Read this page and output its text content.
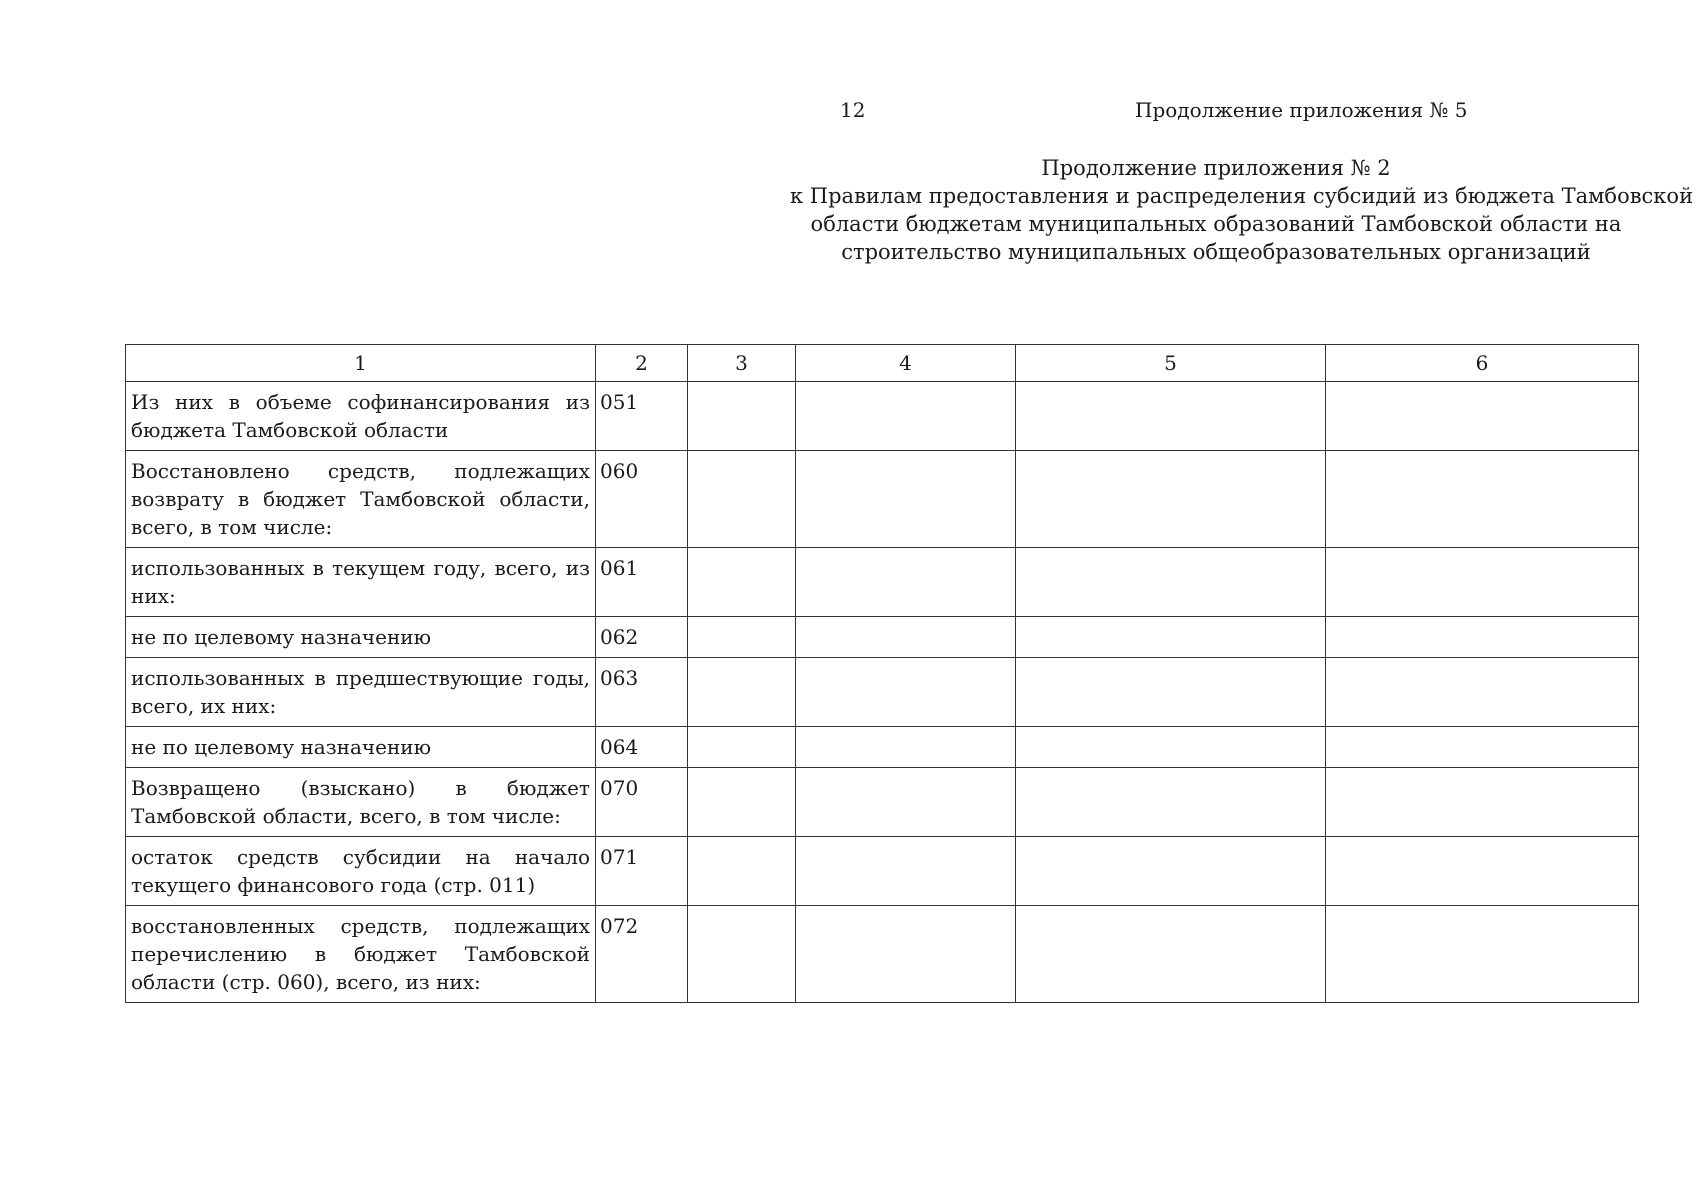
12	Продолжение приложения № 5
Продолжение приложения № 2
к Правилам предоставления и распределения субсидий из бюджета Тамбовской
области бюджетам муниципальных образований Тамбовской области на
строительство муниципальных общеобразовательных организаций
1	2	3	4	5	6
Из них в объеме софинансирования из бюджета Тамбовской области	051				
Восстановлено средств, подлежащих возврату в бюджет Тамбовской области, всего, в том числе:	060				
использованных в текущем году, всего, из них:	061				
не по целевому назначению	062				
использованных в предшествующие годы, всего, их них:	063				
не по целевому назначению	064				
Возвращено (взыскано) в бюджет Тамбовской области, всего, в том числе:	070				
остаток средств субсидии на начало текущего финансового года (стр. 011)	071				
восстановленных средств, подлежащих перечислению в бюджет Тамбовской области (стр. 060), всего, из них:	072				
